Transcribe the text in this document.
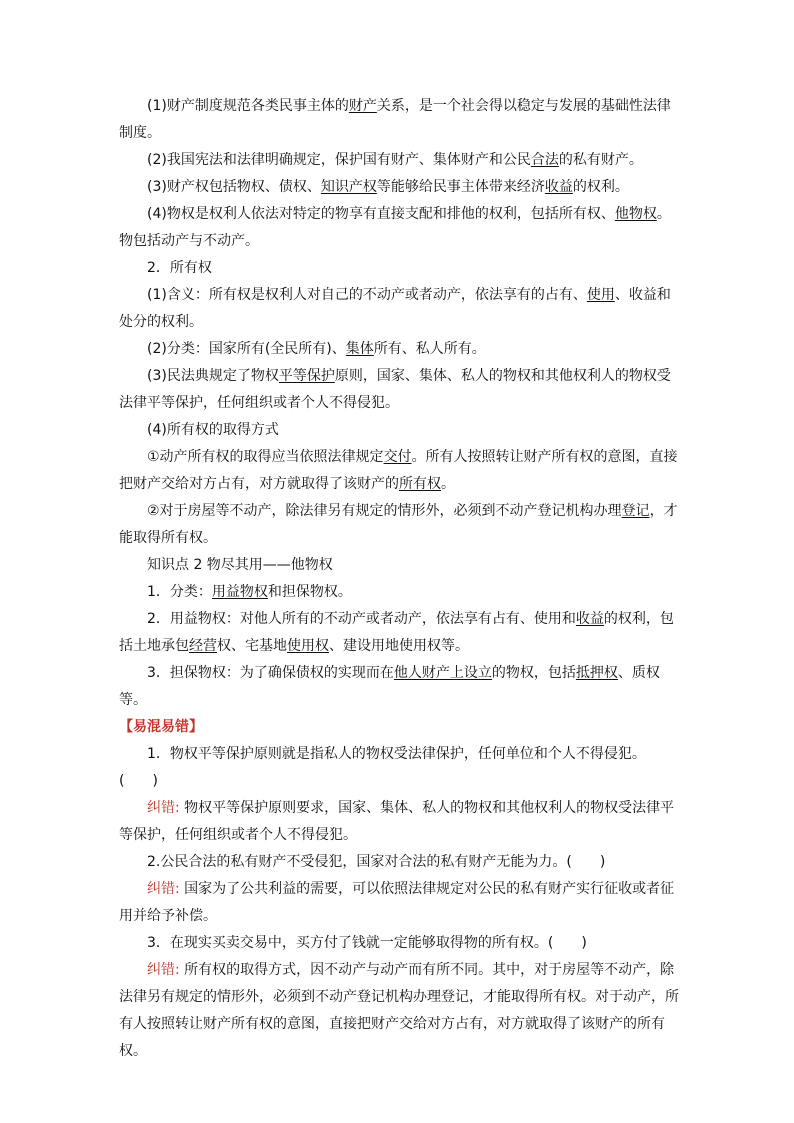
(1)财产制度规范各类民事主体的财产关系，是一个社会得以稳定与发展的基础性法律制度。

(2)我国宪法和法律明确规定，保护国有财产、集体财产和公民合法的私有财产。

(3)财产权包括物权、债权、知识产权等能够给民事主体带来经济收益的权利。

(4)物权是权利人依法对特定的物享有直接支配和排他的权利，包括所有权、他物权。物包括动产与不动产。

2．所有权

(1)含义：所有权是权利人对自己的不动产或者动产，依法享有的占有、使用、收益和处分的权利。

(2)分类：国家所有(全民所有)、集体所有、私人所有。

(3)民法典规定了物权平等保护原则，国家、集体、私人的物权和其他权利人的物权受法律平等保护，任何组织或者个人不得侵犯。

(4)所有权的取得方式

①动产所有权的取得应当依照法律规定交付。所有人按照转让财产所有权的意图，直接把财产交给对方占有，对方就取得了该财产的所有权。

②对于房屋等不动产，除法律另有规定的情形外，必须到不动产登记机构办理登记，才能取得所有权。

知识点 2 物尽其用——他物权

1．分类：用益物权和担保物权。

2．用益物权：对他人所有的不动产或者动产，依法享有占有、使用和收益的权利，包括土地承包经营权、宅基地使用权、建设用地使用权等。

3．担保物权：为了确保债权的实现而在他人财产上设立的物权，包括抵押权、质权等。

【易混易错】

1．物权平等保护原则就是指私人的物权受法律保护，任何单位和个人不得侵犯。(　　)

纠错: 物权平等保护原则要求，国家、集体、私人的物权和其他权利人的物权受法律平等保护，任何组织或者个人不得侵犯。

2.公民合法的私有财产不受侵犯，国家对合法的私有财产无能为力。(　　)

纠错: 国家为了公共利益的需要，可以依照法律规定对公民的私有财产实行征收或者征用并给予补偿。

3．在现实买卖交易中，买方付了钱就一定能够取得物的所有权。(　　)

纠错: 所有权的取得方式，因不动产与动产而有所不同。其中，对于房屋等不动产，除法律另有规定的情形外，必须到不动产登记机构办理登记，才能取得所有权。对于动产，所有人按照转让财产所有权的意图，直接把财产交给对方占有，对方就取得了该财产的所有权。
